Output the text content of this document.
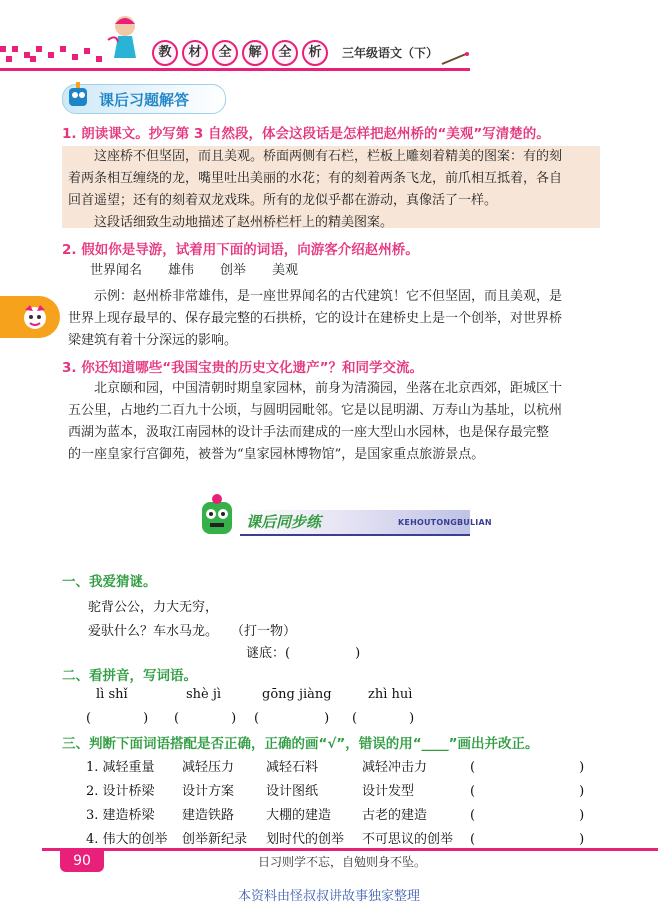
教	材	全	解	全	析	三年级语文（下）
课后习题解答
1. 朗读课文。抄写第 3 自然段，体会这段话是怎样把赵州桥的“美观”写清楚的。

　　这座桥不但坚固，而且美观。桥面两侧有石栏，栏板上雕刻着精美的图案：有的刻

着两条相互缠绕的龙，嘴里吐出美丽的水花；有的刻着两条飞龙，前爪相互抵着，各自

回首遥望；还有的刻着双龙戏珠。所有的龙似乎都在游动，真像活了一样。

　　这段话细致生动地描述了赵州桥栏杆上的精美图案。

2. 假如你是导游，试着用下面的词语，向游客介绍赵州桥。
世界闻名　　雄伟　　创举　　美观

　　示例：赵州桥非常雄伟，是一座世界闻名的古代建筑！它不但坚固，而且美观，是

世界上现存最早的、保存最完整的石拱桥，它的设计在建桥史上是一个创举，对世界桥

梁建筑有着十分深远的影响。

3. 你还知道哪些“我国宝贵的历史文化遗产”？和同学交流。

　　北京颐和园，中国清朝时期皇家园林，前身为清漪园，坐落在北京西郊，距城区十

五公里，占地约二百九十公顷，与圆明园毗邻。它是以昆明湖、万寿山为基址，以杭州

西湖为蓝本，汲取江南园林的设计手法而建成的一座大型山水园林，也是保存最完整

的一座皇家行宫御苑，被誉为“皇家园林博物馆”，是国家重点旅游景点。

课后同步练	KEHOUTONGBULIAN
一、我爱猜谜。
驼背公公，力大无穷，
爱驮什么？车水马龙。　　（打一物）
谜底：(　　　　　)
二、看拼音，写词语。
lì shǐ	shè jì	gōng jiàng	zhì huì
(　　　　) (　　　　) (　　　　　) (　　　　)
三、判断下面词语搭配是否正确，正确的画“√”，错误的用“____”画出并改正。
1. 减轻重量 减轻压力 减轻石料	减轻冲击力	(　　　　　　　　)
2. 设计桥梁 设计方案 设计图纸	设计发型	(　　　　　　　　)
3. 建造桥梁 建造铁路 大棚的建造 古老的建造	(　　　　　　　　)
4. 伟大的创举 创举新纪录 划时代的创举 不可思议的创举 (　　　　　　　　)
90	日习则学不忘，自勉则身不坠。
本资料由怪叔叔讲故事独家整理
